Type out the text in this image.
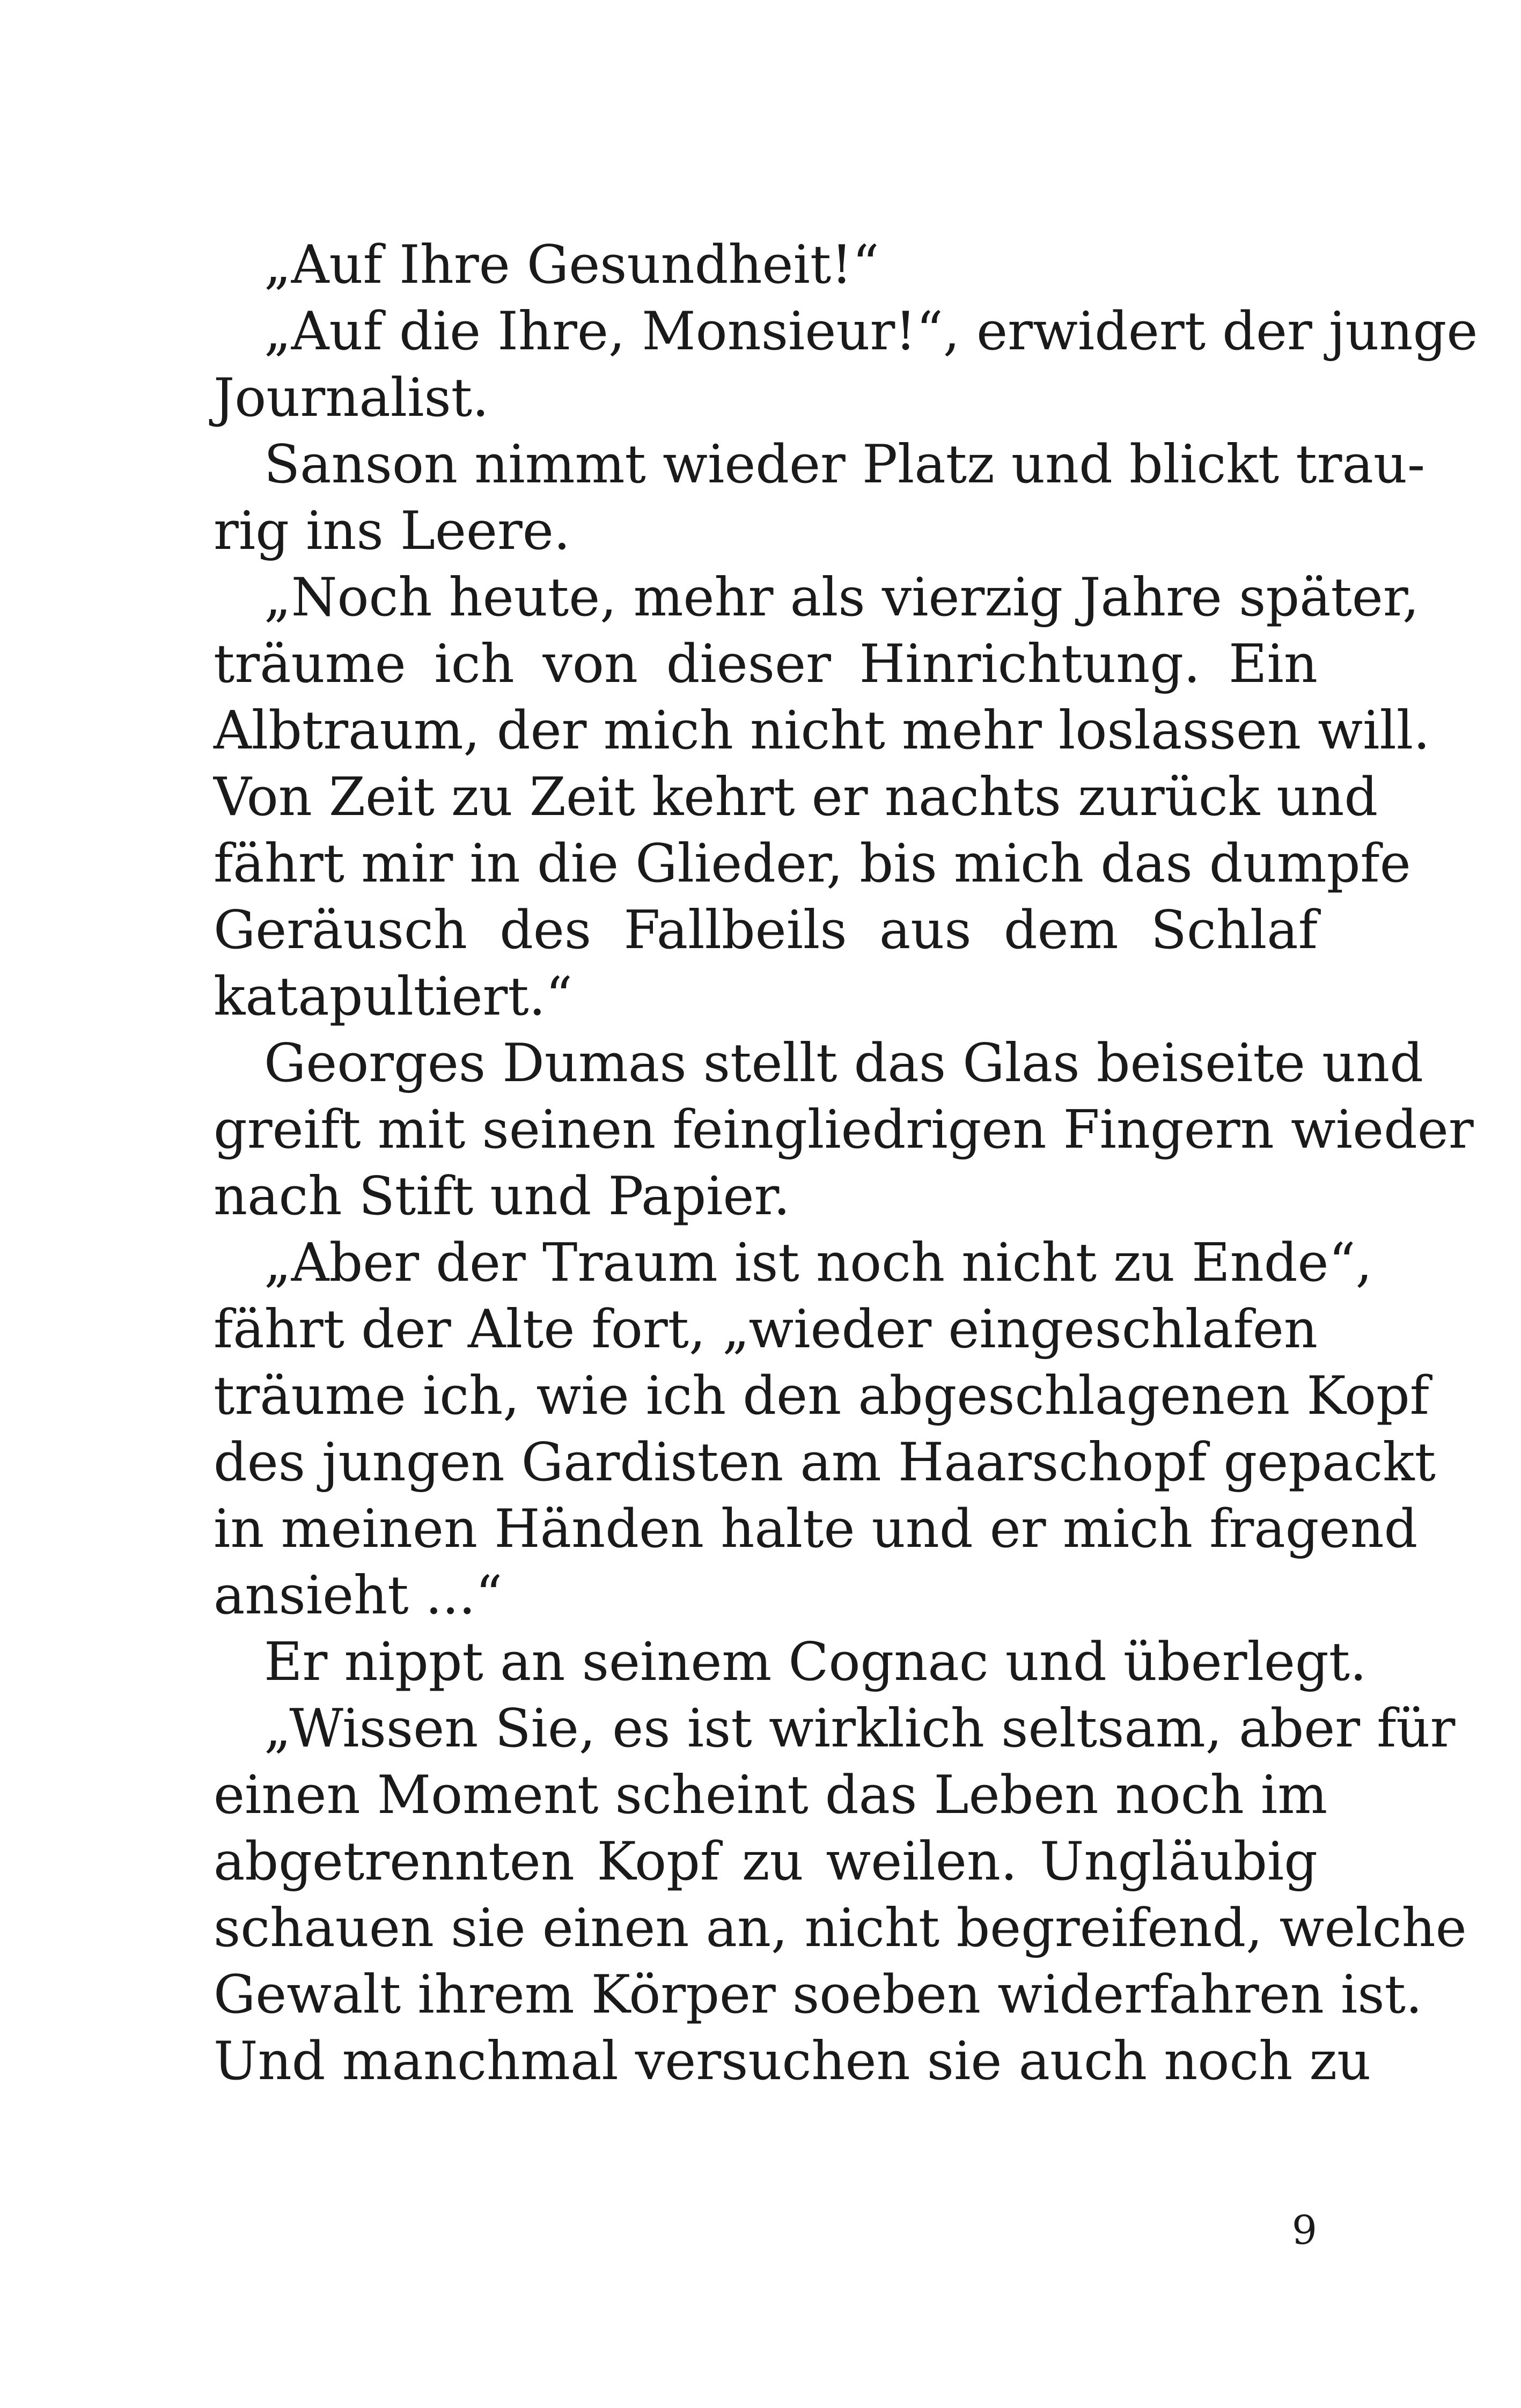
„Auf Ihre Gesundheit!“
„Auf die Ihre, Monsieur!“, erwidert der junge
Journalist.
Sanson nimmt wieder Platz und blickt trau-
rig ins Leere.
„Noch heute, mehr als vierzig Jahre später,
träume ich von dieser Hinrichtung. Ein
Albtraum, der mich nicht mehr loslassen will.
Von Zeit zu Zeit kehrt er nachts zurück und
fährt mir in die Glieder, bis mich das dumpfe
Geräusch des Fallbeils aus dem Schlaf
katapultiert.“
Georges Dumas stellt das Glas beiseite und
greift mit seinen feingliedrigen Fingern wieder
nach Stift und Papier.
„Aber der Traum ist noch nicht zu Ende“,
fährt der Alte fort, „wieder eingeschlafen
träume ich, wie ich den abgeschlagenen Kopf
des jungen Gardisten am Haarschopf gepackt
in meinen Händen halte und er mich fragend
ansieht ...“
Er nippt an seinem Cognac und überlegt.
„Wissen Sie, es ist wirklich seltsam, aber für
einen Moment scheint das Leben noch im
abgetrennten Kopf zu weilen. Ungläubig
schauen sie einen an, nicht begreifend, welche
Gewalt ihrem Körper soeben widerfahren ist.
Und manchmal versuchen sie auch noch zu
9
